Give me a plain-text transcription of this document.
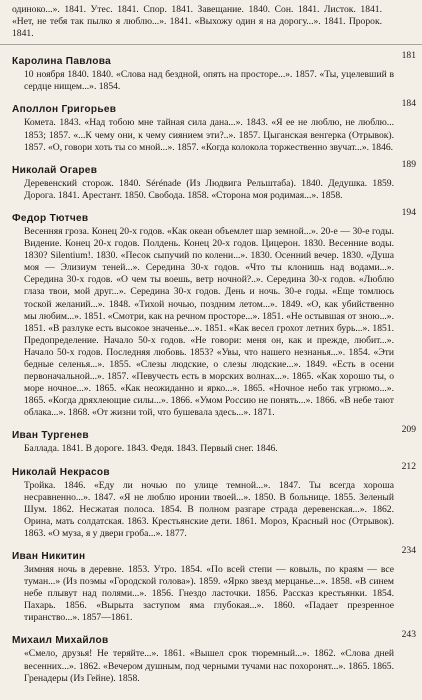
одиноко...». 1841. Утес. 1841. Спор. 1841. Завещание. 1840. Сон. 1841. Листок. 1841. «Нет, не тебя так пылко я люблю...». 1841. «Выхожу один я на дорогу...». 1841. Пророк. 1841.

Каролина Павлова
181

10 ноября 1840. 1840. «Слова над бездной, опять на просторе...». 1857. «Ты, уцелевший в сердце нищем...». 1854.

Аполлон Григорьев
184

Комета. 1843. «Над тобою мне тайная сила дана...». 1843. «Я ее не люблю, не люблю... 1853; 1857. «...К чему они, к чему сиянием эти?..». 1857. Цыганская венгерка (Отрывок). 1857. «О, говори хоть ты со мной...». 1857. «Когда колокола торжественно звучат...». 1846.

Николай Огарев
189

Деревенский сторож. 1840. Sérénade (Из Людвига Рельштаба). 1840. Дедушка. 1859. Дорога. 1841. Арестант. 1850. Свобода. 1858. «Сторона моя родимая...». 1858.

Федор Тютчев
194

Весенняя гроза. Конец 20-х годов. «Как океан объемлет шар земной...». 20-е — 30-е годы. Видение. Конец 20-х годов. Полдень. Конец 20-х годов. Цицерон. 1830. Весенние воды. 1830? Silentium!. 1830. «Песок сыпучий по колени...». 1830. Осенний вечер. 1830. «Душа моя — Элизиум теней...». Середина 30-х годов. «Что ты клонишь над водами...». Середина 30-х годов. «О чем ты воешь, ветр ночной?..». Середина 30-х годов. «Люблю глаза твои, мой друг...». Середина 30-х годов. День и ночь. 30-е годы. «Еще томлюсь тоской желаний...». 1848. «Тихой ночью, поздним летом...». 1849. «О, как убийственно мы любим...». 1851. «Смотри, как на речном просторе...». 1851. «Не остывшая от зною...». 1851. «В разлуке есть высокое значенье...». 1851. «Как весел грохот летних бурь...». 1851. Предопределение. Начало 50-х годов. «Не говори: меня он, как и прежде, любит...». Начало 50-х годов. Последняя любовь. 1853? «Увы, что нашего незнанья...». 1854. «Эти бедные селенья...». 1855. «Слезы людские, о слезы людские...». 1849. «Есть в осени первоначальной...». 1857. «Певучесть есть в морских волнах...». 1865. «Как хорошо ты, о море ночное...». 1865. «Как неожиданно и ярко...». 1865. «Ночное небо так угрюмо...». 1865. «Когда дряхлеющие силы...». 1866. «Умом Россию не понять...». 1866. «В небе тают облака...». 1868. «От жизни той, что бушевала здесь...». 1871.

Иван Тургенев
209

Баллада. 1841. В дороге. 1843. Федя. 1843. Первый снег. 1846.

Николай Некрасов
212

Тройка. 1846. «Еду ли ночью по улице темной...». 1847. Ты всегда хороша несравненно...». 1847. «Я не люблю иронии твоей...». 1850. В больнице. 1855. Зеленый Шум. 1862. Несжатая полоса. 1854. В полном разгаре страда деревенская...». 1862. Орина, мать солдатская. 1863. Крестьянские дети. 1861. Мороз, Красный нос (Отрывок). 1863. «О муза, я у двери гроба...». 1877.

Иван Никитин
234

Зимняя ночь в деревне. 1853. Утро. 1854. «По всей степи — ковыль, по краям — все туман...» (Из поэмы «Городской голова»). 1859. «Ярко звезд мерцанье...». 1858. «В синем небе плывут над полями...». 1856. Гнездо ласточки. 1856. Рассказ крестьянки. 1854. Пахарь. 1856. «Вырыта заступом яма глубокая...». 1860. «Падает презренное тиранство...». 1857—1861.

Михаил Михайлов
243

«Смело, друзья! Не теряйте...». 1861. «Вышел срок тюремный...». 1862. «Слова дней весенних...». 1862. «Вечером душным, под черными тучами нас похоронят...». 1865. 1865. Гренадеры (Из Гейне). 1858.
